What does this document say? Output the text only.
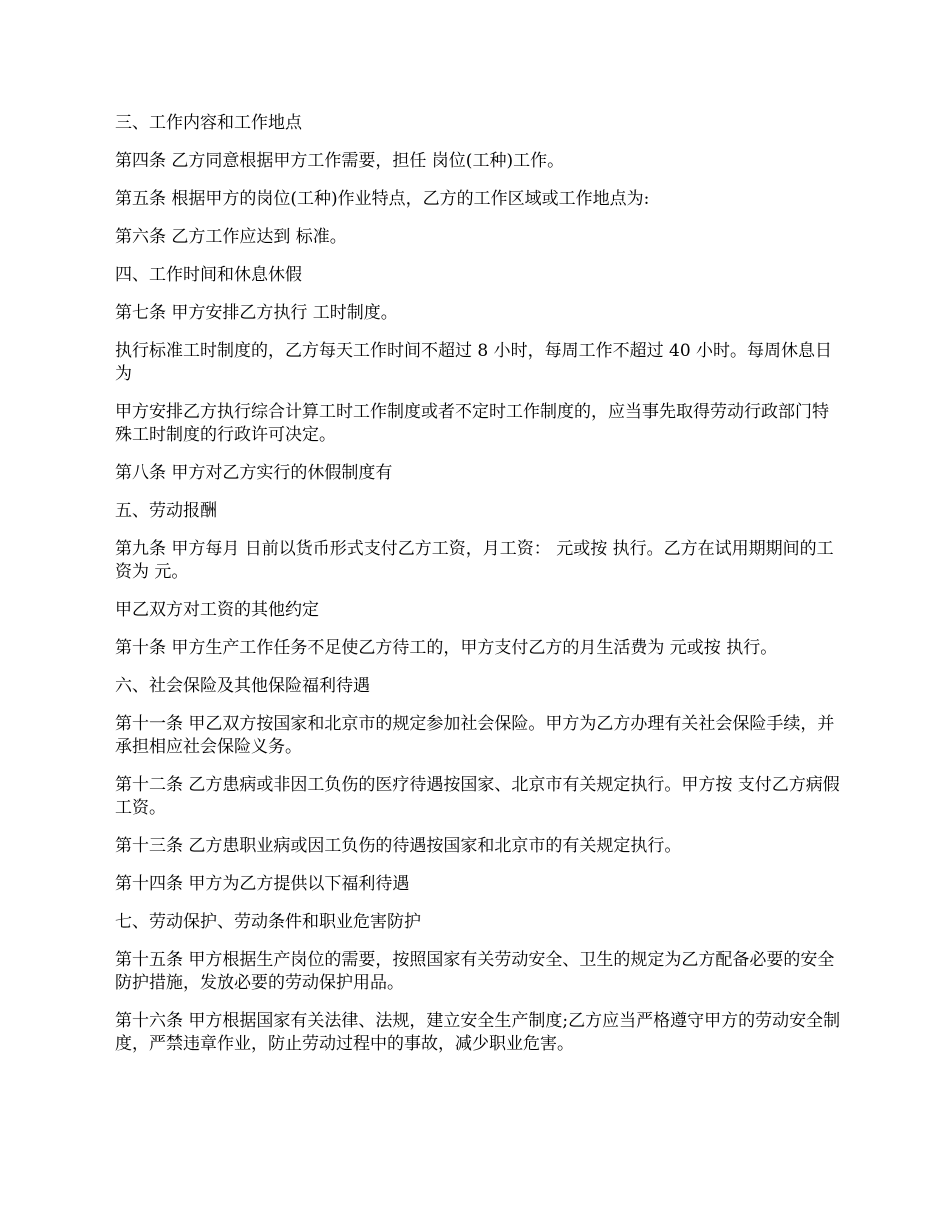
三、工作内容和工作地点

第四条 乙方同意根据甲方工作需要，担任 岗位(工种)工作。

第五条 根据甲方的岗位(工种)作业特点，乙方的工作区域或工作地点为:

第六条 乙方工作应达到 标准。

四、工作时间和休息休假

第七条 甲方安排乙方执行 工时制度。

执行标准工时制度的，乙方每天工作时间不超过 8 小时，每周工作不超过 40 小时。每周休息日为

甲方安排乙方执行综合计算工时工作制度或者不定时工作制度的，应当事先取得劳动行政部门特殊工时制度的行政许可决定。

第八条 甲方对乙方实行的休假制度有

五、劳动报酬

第九条 甲方每月 日前以货币形式支付乙方工资，月工资： 元或按 执行。乙方在试用期期间的工资为 元。

甲乙双方对工资的其他约定

第十条 甲方生产工作任务不足使乙方待工的，甲方支付乙方的月生活费为 元或按 执行。

六、社会保险及其他保险福利待遇

第十一条 甲乙双方按国家和北京市的规定参加社会保险。甲方为乙方办理有关社会保险手续，并承担相应社会保险义务。

第十二条 乙方患病或非因工负伤的医疗待遇按国家、北京市有关规定执行。甲方按 支付乙方病假工资。

第十三条 乙方患职业病或因工负伤的待遇按国家和北京市的有关规定执行。

第十四条 甲方为乙方提供以下福利待遇

七、劳动保护、劳动条件和职业危害防护

第十五条 甲方根据生产岗位的需要，按照国家有关劳动安全、卫生的规定为乙方配备必要的安全防护措施，发放必要的劳动保护用品。

第十六条 甲方根据国家有关法律、法规，建立安全生产制度;乙方应当严格遵守甲方的劳动安全制度，严禁违章作业，防止劳动过程中的事故，减少职业危害。
